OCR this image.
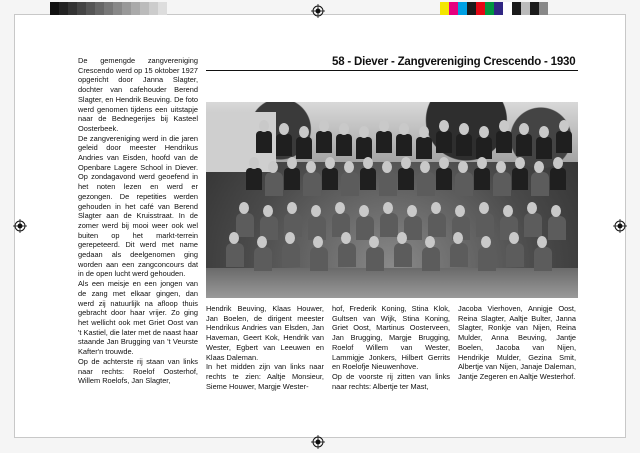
58 - Diever - Zangvereniging Crescendo - 1930

De gemengde zangvereniging Crescendo werd op 15 oktober 1927 opgericht door Janna Slagter, dochter van cafehouder Berend Slagter, en Hendrik Beuving. De foto werd genomen tijdens een uitstapje naar de Bednegerijes bij Kasteel Oosterbeek.

De zangvereniging werd in die jaren geleid door meester Hendrikus Andries van Eisden, hoofd van de Openbare Lagere School in Diever. Op zondagavond werd geoefend in het noten lezen en werd er gezongen. De repetities werden gehouden in het café van Berend Slagter aan de Kruisstraat. In de zomer werd bij mooi weer ook wel buiten op het markt-terrein gerepeteerd. Dit werd met name gedaan als deelgenomen ging worden aan een zangconcours dat in de open lucht werd gehouden.

Als een meisje en een jongen van de zang met elkaar gingen, dan werd zij natuurlijk na afloop thuis gebracht door haar vrijer. Zo ging het wellicht ook met Griet Oost van 't Kastiel, die later met de naast haar staande Jan Brugging van 't Veurste Kafter'n trouwde.

Op de achterste rij staan van links naar rechts: Roelof Oosterhof, Willem Roelofs, Jan Slagter,

Hendrik Beuving, Klaas Houwer, Jan Boelen, de dirigent meester Hendrikus Andries van Elsden, Jan Haveman, Geert Kok, Hendrik van Wester, Egbert van Leeuwen en Klaas Daleman.
In het midden zijn van links naar rechts te zien: Aaltje Monsieur, Sieme Houwer, Margje Wester-
hof, Frederik Koning, Stina Klok, Gultsen van Wijk, Stina Koning, Griet Oost, Martinus Oosterveen, Jan Brugging, Margje Brugging, Roelof Willem van Wester, Lammigje Jonkers, Hilbert Gerrits en Roelofje Nieuwenhove.
Op de voorste rij zitten van links naar rechts: Albertje ter Mast,
Jacoba Vierhoven, Annigje Oost, Reina Slagter, Aaltje Bulter, Janna Slagter, Ronkje van Nijen, Reina Mulder, Anna Beuving, Jantje Boelen, Jacoba van Nijen, Hendrikje Mulder, Gezina Smit, Albertje van Nijen, Janaje Daleman, Jantje Zegeren en Aaltje Westerhof.
